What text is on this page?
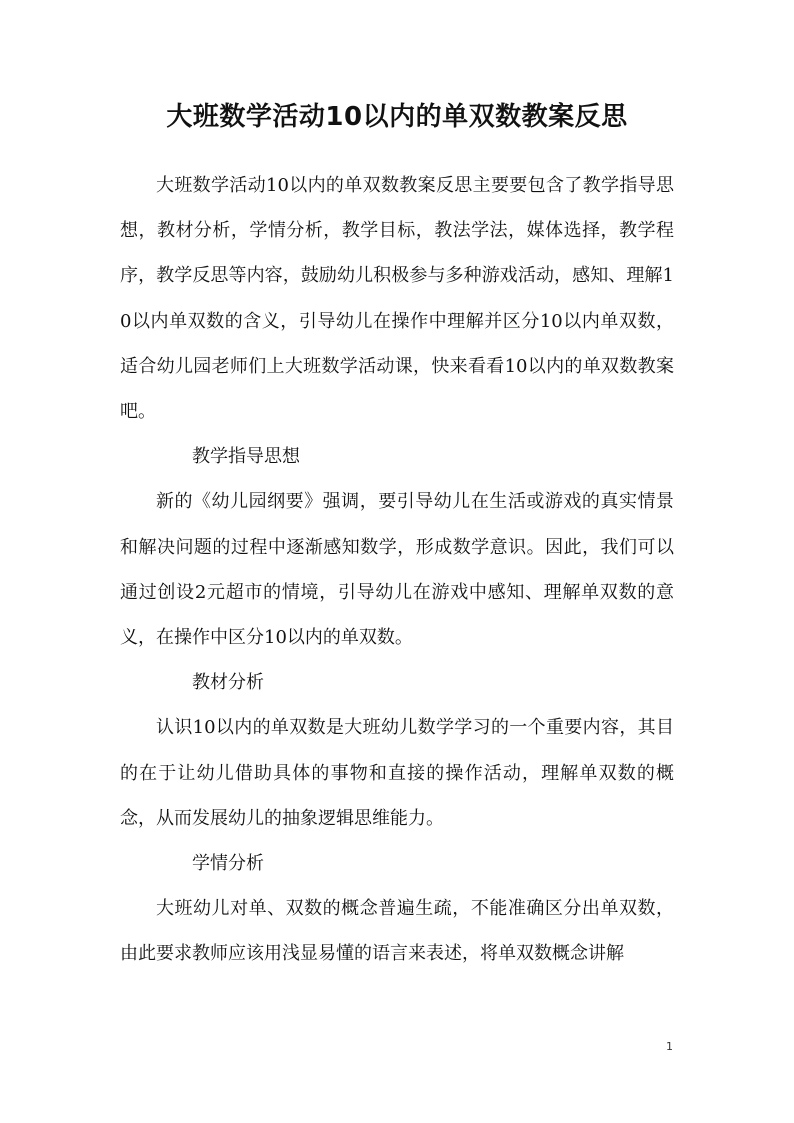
大班数学活动10以内的单双数教案反思

大班数学活动10以内的单双数教案反思主要要包含了教学指导思想，教材分析，学情分析，教学目标，教法学法，媒体选择，教学程序，教学反思等内容，鼓励幼儿积极参与多种游戏活动，感知、理解10以内单双数的含义，引导幼儿在操作中理解并区分10以内单双数，适合幼儿园老师们上大班数学活动课，快来看看10以内的单双数教案吧。

教学指导思想

新的《幼儿园纲要》强调，要引导幼儿在生活或游戏的真实情景和解决问题的过程中逐渐感知数学，形成数学意识。因此，我们可以通过创设2元超市的情境，引导幼儿在游戏中感知、理解单双数的意义，在操作中区分10以内的单双数。

教材分析

认识10以内的单双数是大班幼儿数学学习的一个重要内容，其目的在于让幼儿借助具体的事物和直接的操作活动，理解单双数的概念，从而发展幼儿的抽象逻辑思维能力。

学情分析

大班幼儿对单、双数的概念普遍生疏，不能准确区分出单双数，由此要求教师应该用浅显易懂的语言来表述，将单双数概念讲解

1
